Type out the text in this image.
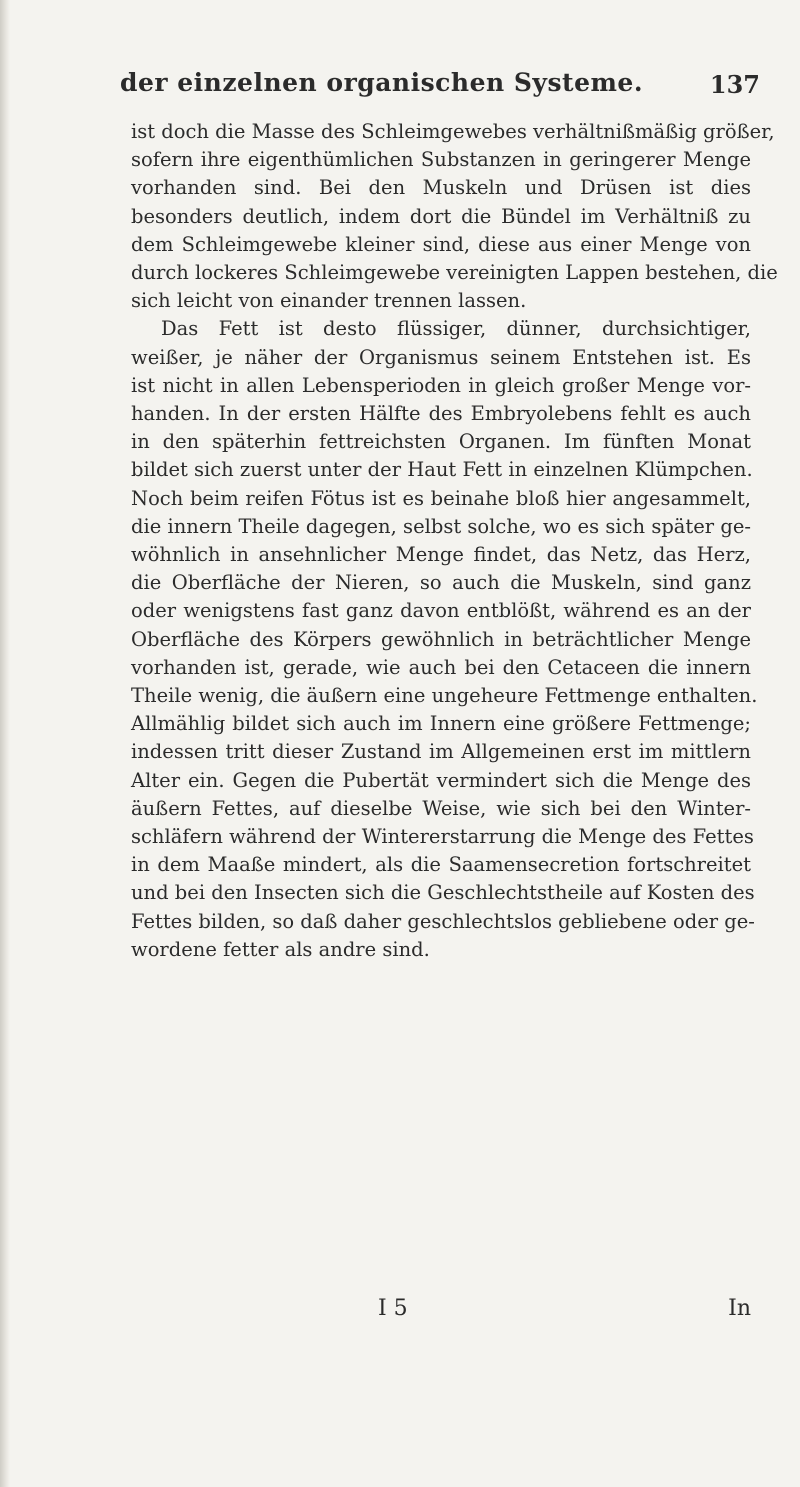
der einzelnen organischen Systeme.	137
ist doch die Masse des Schleimgewebes verhältnißmäßig größer,
sofern ihre eigenthümlichen Substanzen in geringerer Menge
vorhanden sind. Bei den Muskeln und Drüsen ist dies
besonders deutlich, indem dort die Bündel im Verhältniß zu
dem Schleimgewebe kleiner sind, diese aus einer Menge von
durch lockeres Schleimgewebe vereinigten Lappen bestehen, die
sich leicht von einander trennen lassen.
Das Fett ist desto flüssiger, dünner, durchsichtiger,
weißer, je näher der Organismus seinem Entstehen ist. Es
ist nicht in allen Lebensperioden in gleich großer Menge vor-
handen. In der ersten Hälfte des Embryolebens fehlt es auch
in den späterhin fettreichsten Organen. Im fünften Monat
bildet sich zuerst unter der Haut Fett in einzelnen Klümpchen.
Noch beim reifen Fötus ist es beinahe bloß hier angesammelt,
die innern Theile dagegen, selbst solche, wo es sich später ge-
wöhnlich in ansehnlicher Menge findet, das Netz, das Herz,
die Oberfläche der Nieren, so auch die Muskeln, sind ganz
oder wenigstens fast ganz davon entblößt, während es an der
Oberfläche des Körpers gewöhnlich in beträchtlicher Menge
vorhanden ist, gerade, wie auch bei den Cetaceen die innern
Theile wenig, die äußern eine ungeheure Fettmenge enthalten.
Allmählig bildet sich auch im Innern eine größere Fettmenge;
indessen tritt dieser Zustand im Allgemeinen erst im mittlern
Alter ein. Gegen die Pubertät vermindert sich die Menge des
äußern Fettes, auf dieselbe Weise, wie sich bei den Winter-
schläfern während der Wintererstarrung die Menge des Fettes
in dem Maaße mindert, als die Saamensecretion fortschreitet
und bei den Insecten sich die Geschlechtstheile auf Kosten des
Fettes bilden, so daß daher geschlechtslos gebliebene oder ge-
wordene fetter als andre sind.
I 5	In
